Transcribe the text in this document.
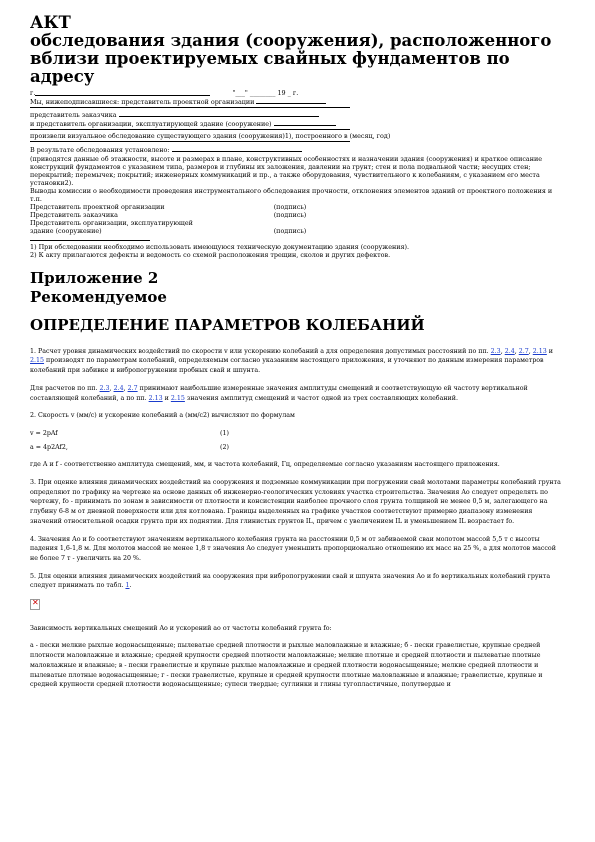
АКТ
обследования здания (сооружения), расположенного
вблизи проектируемых свайных фундаментов по
адресу
г.	"___" ________ 19 _ г.

Мы, нижеподписавшиеся: представитель проектной организации

представитель заказчика

и представитель организации, эксплуатирующей здание (сооружение)

произвели визуальное обследование существующего здания (сооружения)1), построенного в (месяц, год)

В результате обследования установлено:

(приводятся данные об этажности, высоте и размерах в плане, конструктивных особенностях и назначении здания (сооружения) и краткое описание конструкций фундаментов с указанием типа, размеров и глубины их заложения, давлении на грунт; стен и пола подвальной части; несущих стен; перекрытий; перемычек; покрытий; инженерных коммуникаций и пр., а также оборудования, чувствительного к колебаниям, с указанием его места установки2).

Выводы комиссии о необходимости проведения инструментального обследования прочности, отклонения элементов зданий от проектного положения и т.п.

Представитель проектной организации	(подпись)
Представитель заказчика	(подпись)
Представитель организации, эксплуатирующей
здание (сооружение)	(подпись)

1) При обследовании необходимо использовать имеющуюся техническую документацию здания (сооружения).

2) К акту прилагаются дефекты и ведомость со схемой расположения трещин, сколов и других дефектов.

Приложение 2
Рекомендуемое
ОПРЕДЕЛЕНИЕ ПАРАМЕТРОВ КОЛЕБАНИЙ

1. Расчет уровня динамических воздействий по скорости v или ускорению колебаний a для определения допустимых расстояний по пп. 2.3, 2.4, 2.7, 2.13 и 2.15 производят по параметрам колебаний, определяемым согласно указаниям настоящего приложения, и уточняют по данным измерения параметров колебаний при забивке и вибропогружении пробных свай и шпунта.

Для расчетов по пп. 2.3, 2.4, 2.7 принимают наибольшие измеренные значения амплитуды смещений и соответствующую ей частоту вертикальной составляющей колебаний, а по пп. 2.13 и 2.15 значения амплитуд смещений и частот одной из трех составляющих колебаний.

2. Скорость v (мм/с) и ускорение колебаний a (мм/с2) вычисляют по формулам

v = 2pAf	(1)
a = 4p2Af2,	(2)

где A и f - соответственно амплитуда смещений, мм, и частота колебаний, Гц, определяемые согласно указаниям настоящего приложения.

3. При оценке влияния динамических воздействий на сооружения и подземные коммуникации при погружении свай молотами параметры колебаний грунта определяют по графику на чертеже на основе данных об инженерно-геологических условиях участка строительства. Значения Ao следует определять по чертежу, fo - принимать по зонам в зависимости от плотности и консистенции наиболее прочного слоя грунта толщиной не менее 0,5 м, залегающего на глубину 6-8 м от дневной поверхности или для котлована. Границы выделенных на графике участков соответствуют примерно диапазону изменения значений относительной осадки грунта при их поднятии. Для глинистых грунтов IL, причем с увеличением IL и уменьшением IL возрастает fo.

4. Значения Ao и fo соответствуют значениям вертикального колебания грунта на расстоянии 0,5 м от забиваемой сваи молотом массой 5,5 т с высоты падения 1,6-1,8 м. Для молотов массой не менее 1,8 т значения Ao следует уменьшить пропорционально отношению их масс на 25 %, а для молотов массой не более 7 т - увеличить на 20 %.

5. Для оценки влияния динамических воздействий на сооружения при вибропогружении свай и шпунта значения Ao и fo вертикальных колебаний грунта следует принимать по табл. 1.

✕

Зависимость вертикальных смещений Ao и ускорений ao от частоты колебаний грунта fo:

а - пески мелкие рыхлые водонасыщенные; пылеватые средней плотности и рыхлые маловлажные и влажные; б - пески гравелистые, крупные средней плотности маловлажные и влажные; средней крупности средней плотности маловлажные; мелкие плотные и средней плотности и пылеватые плотные маловлажные и влажные; в - пески гравелистые и крупные рыхлые маловлажные и средней плотности водонасыщенные; мелкие средней плотности и пылеватые плотные водонасыщенные; г - пески гравелистые, крупные и средней крупности плотные маловлажные и влажные; гравелистые, крупные и средней крупности средней плотности водонасыщенные; супеси твердые; суглинки и глины тугопластичные, полутвердые и
